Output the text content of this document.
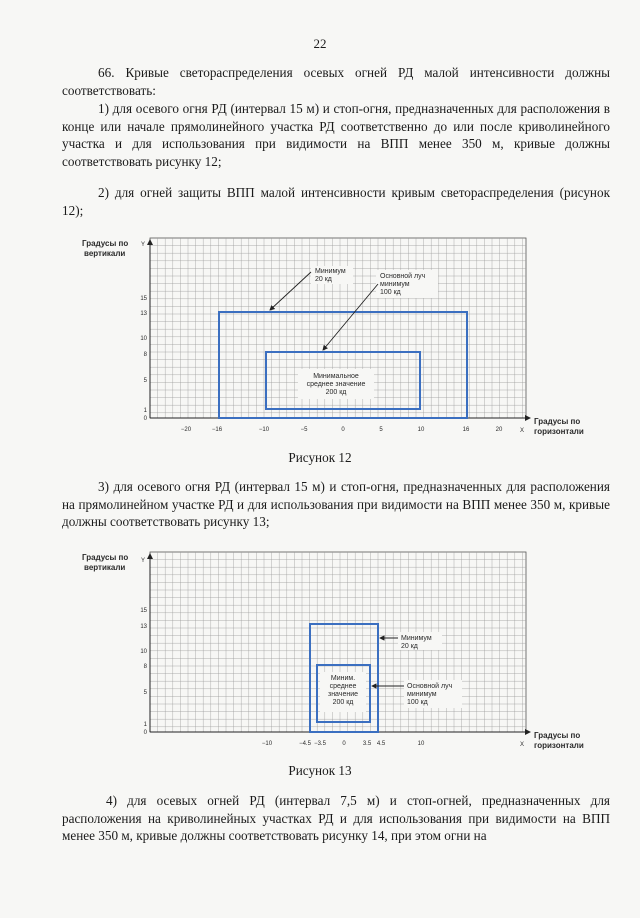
22
66. Кривые светораспределения осевых огней РД малой интенсивности должны соответствовать:
1) для осевого огня РД (интервал 15 м) и стоп-огня, предназначенных для расположения в конце или начале прямолинейного участка РД соответственно до или после криволинейного участка и для использования при видимости на ВПП менее 350 м, кривые должны соответствовать рисунку 12;
2) для огней защиты ВПП малой интенсивности кривым светораспределения (рисунок 12);
Градусы по
вертикали
Y
Градусы по
горизонтали
X
−20	−16	−10	−5	0	5	10	16	20
0
1
5
8
10
13
15
Минимум
20 кд	Основной луч
минимум
100 кд
Минимальное
среднее значение
200 кд
Рисунок 12
3) для осевого огня РД (интервал 15 м) и стоп-огня, предназначенных для расположения на прямолинейном участке РД и для использования при видимости на ВПП менее 350 м, кривые должны соответствовать рисунку 13;
Градусы по
вертикали
Y
Градусы по
горизонтали
X
−10	−4.5 −3.5	0	3.5 4.5	10
0
1
5
8
10
13
15
Минимум
20 кд
Основной луч
минимум
100 кд
Миним.
среднее
значение
200 кд
Рисунок 13
4) для осевых огней РД (интервал 7,5 м) и стоп-огней, предназначенных для расположения на криволинейных участках РД и для использования при видимости на ВПП менее 350 м, кривые должны соответствовать рисунку 14, при этом огни на
